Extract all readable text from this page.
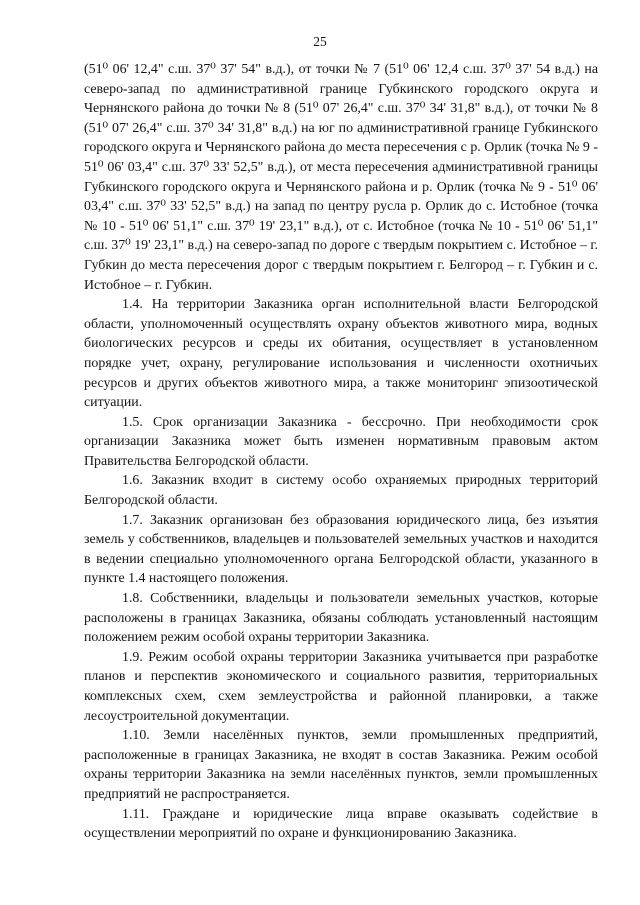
25

(51⁰ 06' 12,4" с.ш. 37⁰ 37' 54" в.д.), от точки № 7 (51⁰ 06' 12,4 с.ш. 37⁰ 37' 54 в.д.) на северо-запад по административной границе Губкинского городского округа и Чернянского района до точки № 8 (51⁰ 07' 26,4" с.ш. 37⁰ 34' 31,8" в.д.), от точки № 8 (51⁰ 07' 26,4" с.ш. 37⁰ 34' 31,8" в.д.) на юг по административной границе Губкинского городского округа и Чернянского района до места пересечения с р. Орлик (точка № 9 - 51⁰ 06' 03,4" с.ш. 37⁰ 33' 52,5" в.д.), от места пересечения административной границы Губкинского городского округа и Чернянского района и р. Орлик (точка № 9 - 51⁰ 06' 03,4" с.ш. 37⁰ 33' 52,5" в.д.) на запад по центру русла р. Орлик до с. Истобное (точка № 10 - 51⁰ 06' 51,1" с.ш. 37⁰ 19' 23,1" в.д.), от с. Истобное (точка № 10 - 51⁰ 06' 51,1" с.ш. 37⁰ 19' 23,1" в.д.) на северо-запад по дороге с твердым покрытием с. Истобное – г. Губкин до места пересечения дорог с твердым покрытием г. Белгород – г. Губкин и с. Истобное – г. Губкин.

1.4. На территории Заказника орган исполнительной власти Белгородской области, уполномоченный осуществлять охрану объектов животного мира, водных биологических ресурсов и среды их обитания, осуществляет в установленном порядке учет, охрану, регулирование использования и численности охотничьих ресурсов и других объектов животного мира, а также мониторинг эпизоотической ситуации.

1.5. Срок организации Заказника - бессрочно. При необходимости срок организации Заказника может быть изменен нормативным правовым актом Правительства Белгородской области.

1.6. Заказник входит в систему особо охраняемых природных территорий Белгородской области.

1.7. Заказник организован без образования юридического лица, без изъятия земель у собственников, владельцев и пользователей земельных участков и находится в ведении специально уполномоченного органа Белгородской области, указанного в пункте 1.4 настоящего положения.

1.8. Собственники, владельцы и пользователи земельных участков, которые расположены в границах Заказника, обязаны соблюдать установленный настоящим положением режим особой охраны территории Заказника.

1.9. Режим особой охраны территории Заказника учитывается при разработке планов и перспектив экономического и социального развития, территориальных комплексных схем, схем землеустройства и районной планировки, а также лесоустроительной документации.

1.10. Земли населённых пунктов, земли промышленных предприятий, расположенные в границах Заказника, не входят в состав Заказника. Режим особой охраны территории Заказника на земли населённых пунктов, земли промышленных предприятий не распространяется.

1.11. Граждане и юридические лица вправе оказывать содействие в осуществлении мероприятий по охране и функционированию Заказника.
